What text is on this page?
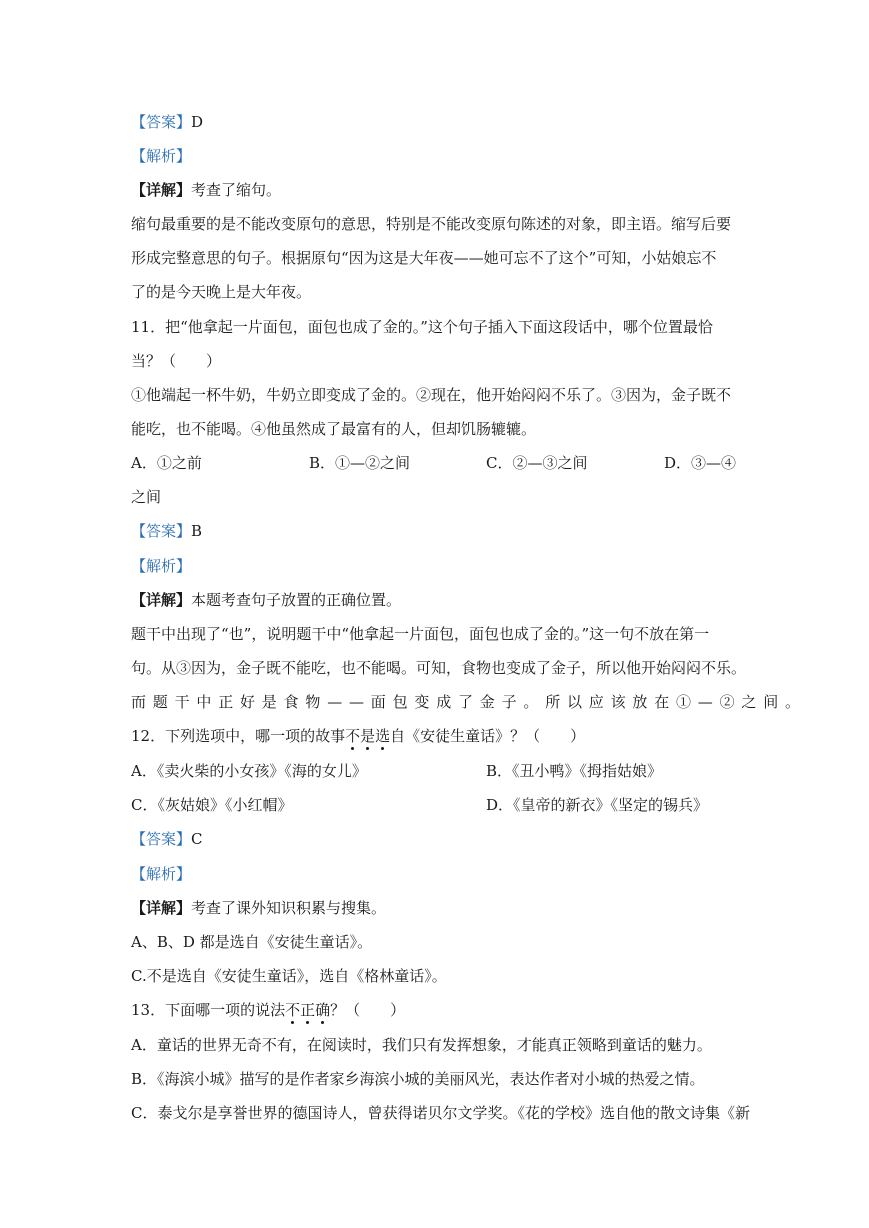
【答案】D
【解析】
【详解】考查了缩句。
缩句最重要的是不能改变原句的意思，特别是不能改变原句陈述的对象，即主语。缩写后要
形成完整意思的句子。根据原句“因为这是大年夜——她可忘不了这个”可知，小姑娘忘不
了的是今天晚上是大年夜。
11．把“他拿起一片面包，面包也成了金的。”这个句子插入下面这段话中，哪个位置最恰
当？（　　）
①他端起一杯牛奶，牛奶立即变成了金的。②现在，他开始闷闷不乐了。③因为，金子既不
能吃，也不能喝。④他虽然成了最富有的人，但却饥肠辘辘。
A．①之前	B．①—②之间	C．②—③之间	D．③—④
之间
【答案】B
【解析】
【详解】本题考查句子放置的正确位置。
题干中出现了“也”，说明题干中“他拿起一片面包，面包也成了金的。”这一句不放在第一
句。从③因为，金子既不能吃，也不能喝。可知，食物也变成了金子，所以他开始闷闷不乐。
而题干中正好是食物——面包变成了金子。所以应该放在①—②之间。
12．下列选项中，哪一项的故事不是选自《安徒生童话》？（　　）
A．《卖火柴的小女孩》《海的女儿》	B．《丑小鸭》《拇指姑娘》
C．《灰姑娘》《小红帽》	D．《皇帝的新衣》《坚定的锡兵》
【答案】C
【解析】
【详解】考查了课外知识积累与搜集。
A、B、D 都是选自《安徒生童话》。
C.不是选自《安徒生童话》，选自《格林童话》。
13．下面哪一项的说法不正确？（　　）
A．童话的世界无奇不有，在阅读时，我们只有发挥想象，才能真正领略到童话的魅力。
B．《海滨小城》描写的是作者家乡海滨小城的美丽风光，表达作者对小城的热爱之情。
C．泰戈尔是享誉世界的德国诗人，曾获得诺贝尔文学奖。《花的学校》选自他的散文诗集《新
